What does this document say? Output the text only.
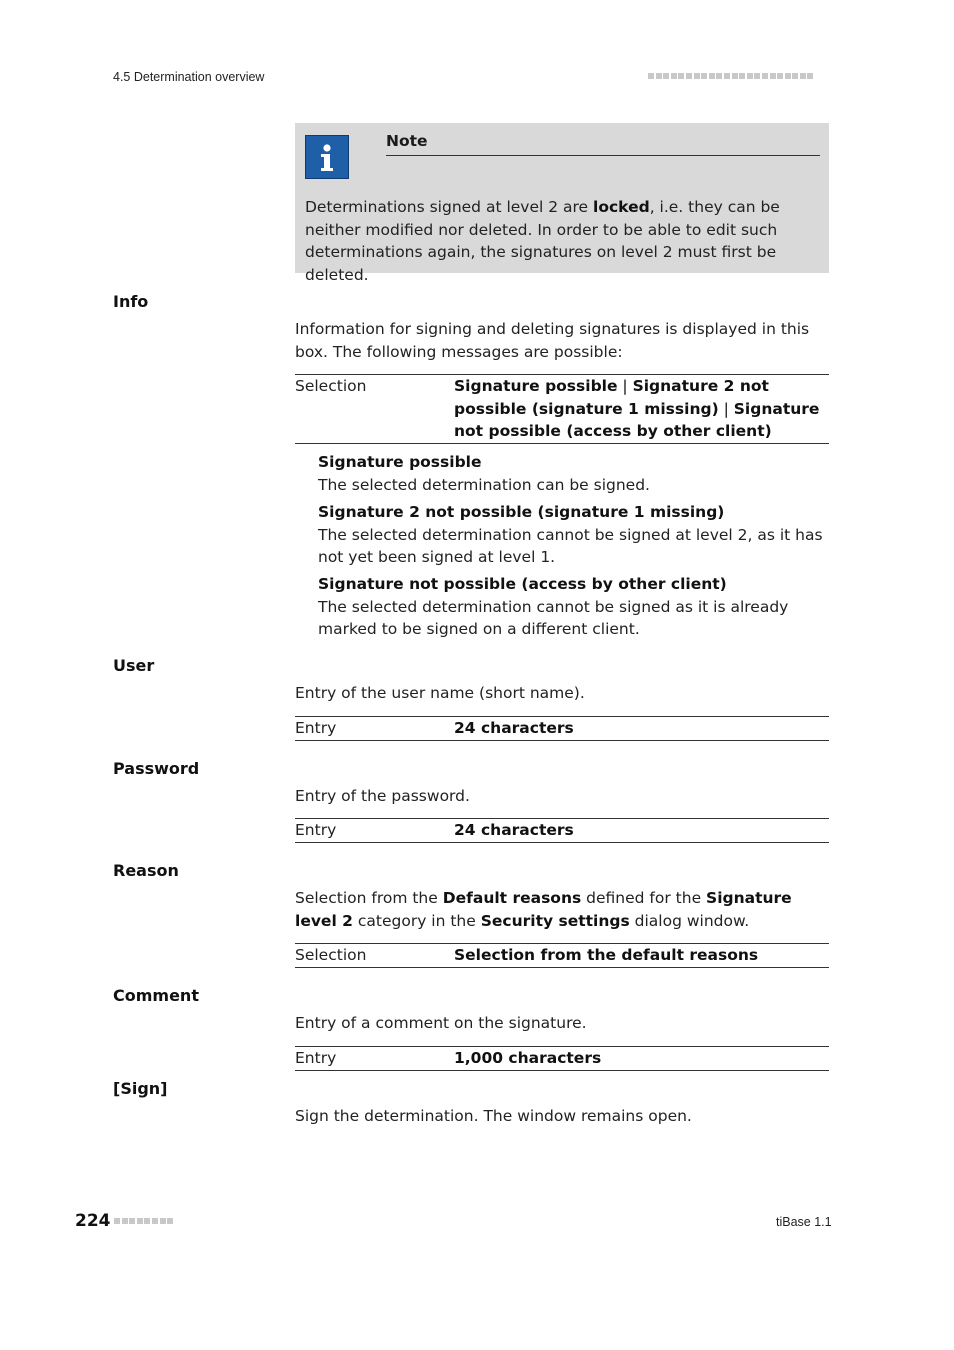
4.5 Determination overview
Note
Determinations signed at level 2 are locked, i.e. they can be neither modified nor deleted. In order to be able to edit such determinations again, the signatures on level 2 must first be deleted.
Info
Information for signing and deleting signatures is displayed in this box. The following messages are possible:
Selection	Signature possible | Signature 2 not possible (signature 1 missing) | Signature not possible (access by other client)
Signature possible
The selected determination can be signed.
Signature 2 not possible (signature 1 missing)
The selected determination cannot be signed at level 2, as it has not yet been signed at level 1.
Signature not possible (access by other client)
The selected determination cannot be signed as it is already marked to be signed on a different client.
User
Entry of the user name (short name).
Entry	24 characters
Password
Entry of the password.
Entry	24 characters
Reason
Selection from the Default reasons defined for the Signature level 2 category in the Security settings dialog window.
Selection	Selection from the default reasons
Comment
Entry of a comment on the signature.
Entry	1,000 characters
[Sign]
Sign the determination. The window remains open.
224	tiBase 1.1
